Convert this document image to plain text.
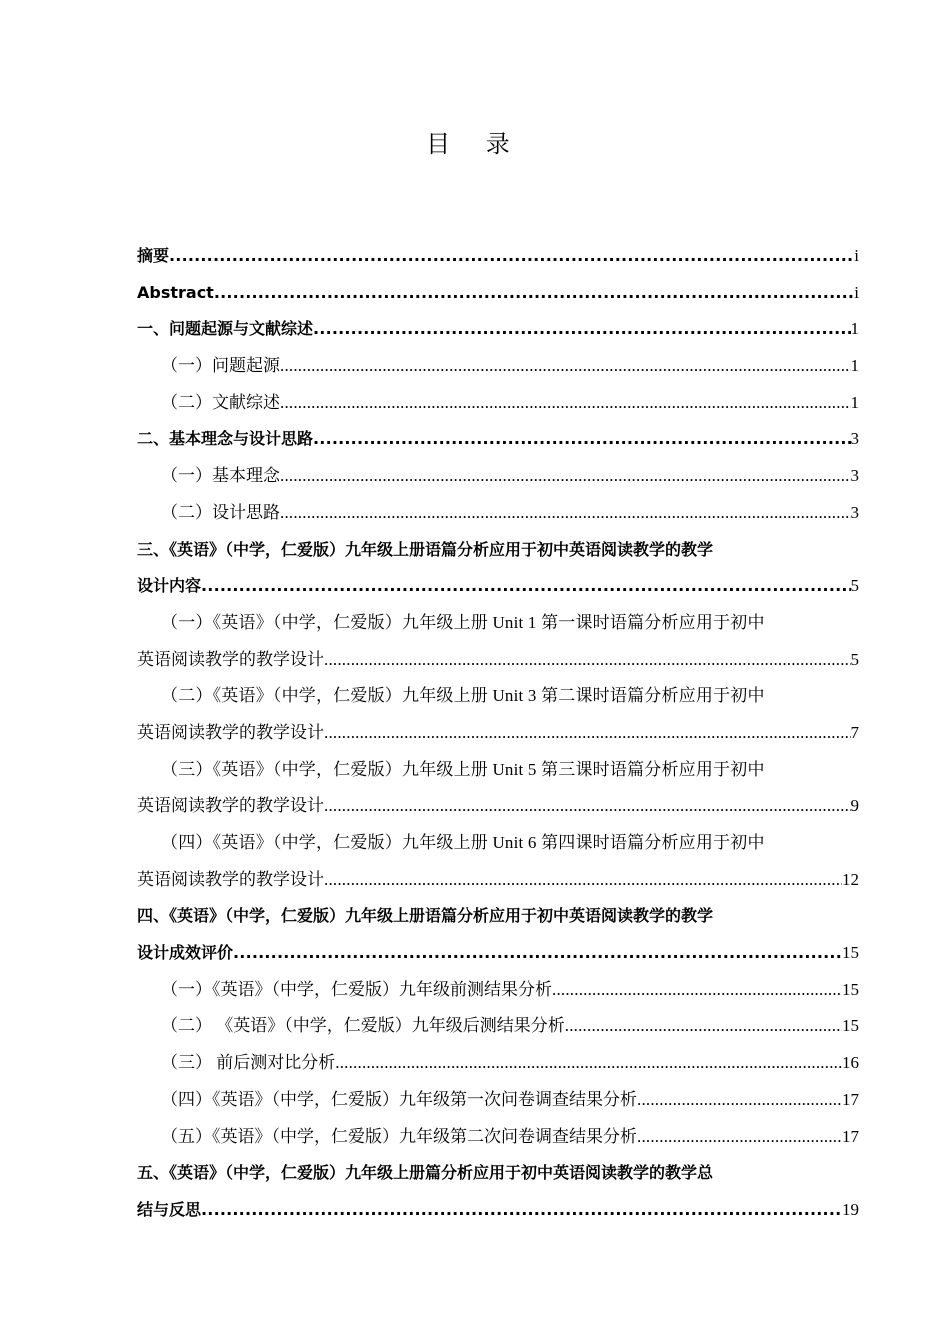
目 录
摘要 .....	i
Abstract .....	i
一、问题起源与文献综述 .....	1
（一）问题起源 .....	1
（二）文献综述 .....	1
二、基本理念与设计思路 .....	3
（一）基本理念 .....	3
（二）设计思路 .....	3
三、《英语》（中学，仁爱版）九年级上册语篇分析应用于初中英语阅读教学的教学
设计内容 .....	5
（一）《英语》（中学，仁爱版）九年级上册 Unit 1 第一课时语篇分析应用于初中
英语阅读教学的教学设计 .....	5
（二）《英语》（中学，仁爱版）九年级上册 Unit 3 第二课时语篇分析应用于初中
英语阅读教学的教学设计 .....	7
（三）《英语》（中学，仁爱版）九年级上册 Unit 5 第三课时语篇分析应用于初中
英语阅读教学的教学设计 .....	9
（四）《英语》（中学，仁爱版）九年级上册 Unit 6 第四课时语篇分析应用于初中
英语阅读教学的教学设计 .....	12
四、《英语》（中学，仁爱版）九年级上册语篇分析应用于初中英语阅读教学的教学
设计成效评价 .....	15
（一）《英语》（中学，仁爱版）九年级前测结果分析 .....	15
（二） 《英语》（中学，仁爱版）九年级后测结果分析 .....	15
（三） 前后测对比分析 .....	16
（四）《英语》（中学，仁爱版）九年级第一次问卷调查结果分析 .....	17
（五）《英语》（中学，仁爱版）九年级第二次问卷调查结果分析 .....	17
五、《英语》（中学，仁爱版）九年级上册篇分析应用于初中英语阅读教学的教学总
结与反思 .....	19
